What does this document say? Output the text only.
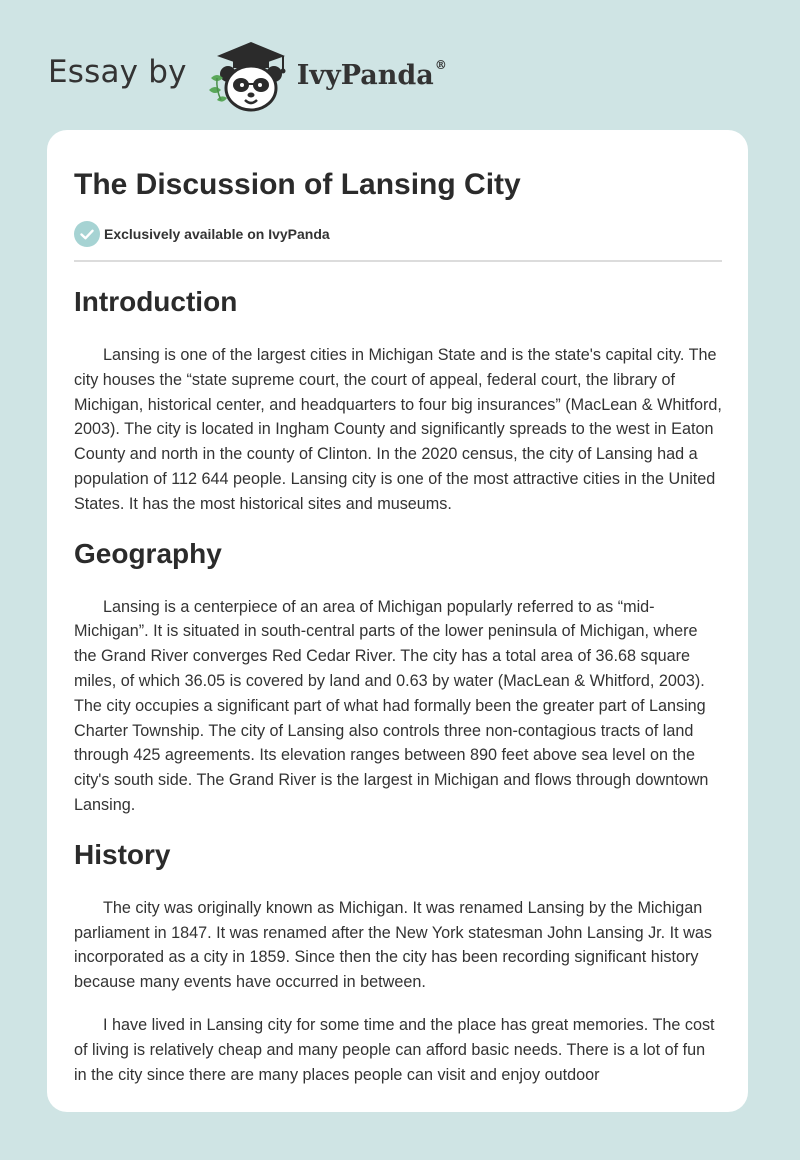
Essay by	IvyPanda®
The Discussion of Lansing City
Exclusively available on IvyPanda
Introduction

Lansing is one of the largest cities in Michigan State and is the state's capital city. The city houses the “state supreme court, the court of appeal, federal court, the library of Michigan, historical center, and headquarters to four big insurances” (MacLean & Whitford, 2003). The city is located in Ingham County and significantly spreads to the west in Eaton County and north in the county of Clinton. In the 2020 census, the city of Lansing had a population of 112 644 people. Lansing city is one of the most attractive cities in the United States. It has the most historical sites and museums.

Geography

Lansing is a centerpiece of an area of Michigan popularly referred to as “mid-Michigan”. It is situated in south-central parts of the lower peninsula of Michigan, where the Grand River converges Red Cedar River. The city has a total area of 36.68 square miles, of which 36.05 is covered by land and 0.63 by water (MacLean & Whitford, 2003). The city occupies a significant part of what had formally been the greater part of Lansing Charter Township. The city of Lansing also controls three non-contagious tracts of land through 425 agreements. Its elevation ranges between 890 feet above sea level on the city's south side. The Grand River is the largest in Michigan and flows through downtown Lansing.

History

The city was originally known as Michigan. It was renamed Lansing by the Michigan parliament in 1847. It was renamed after the New York statesman John Lansing Jr. It was incorporated as a city in 1859. Since then the city has been recording significant history because many events have occurred in between.

I have lived in Lansing city for some time and the place has great memories. The cost of living is relatively cheap and many people can afford basic needs. There is a lot of fun in the city since there are many places people can visit and enjoy outdoor
